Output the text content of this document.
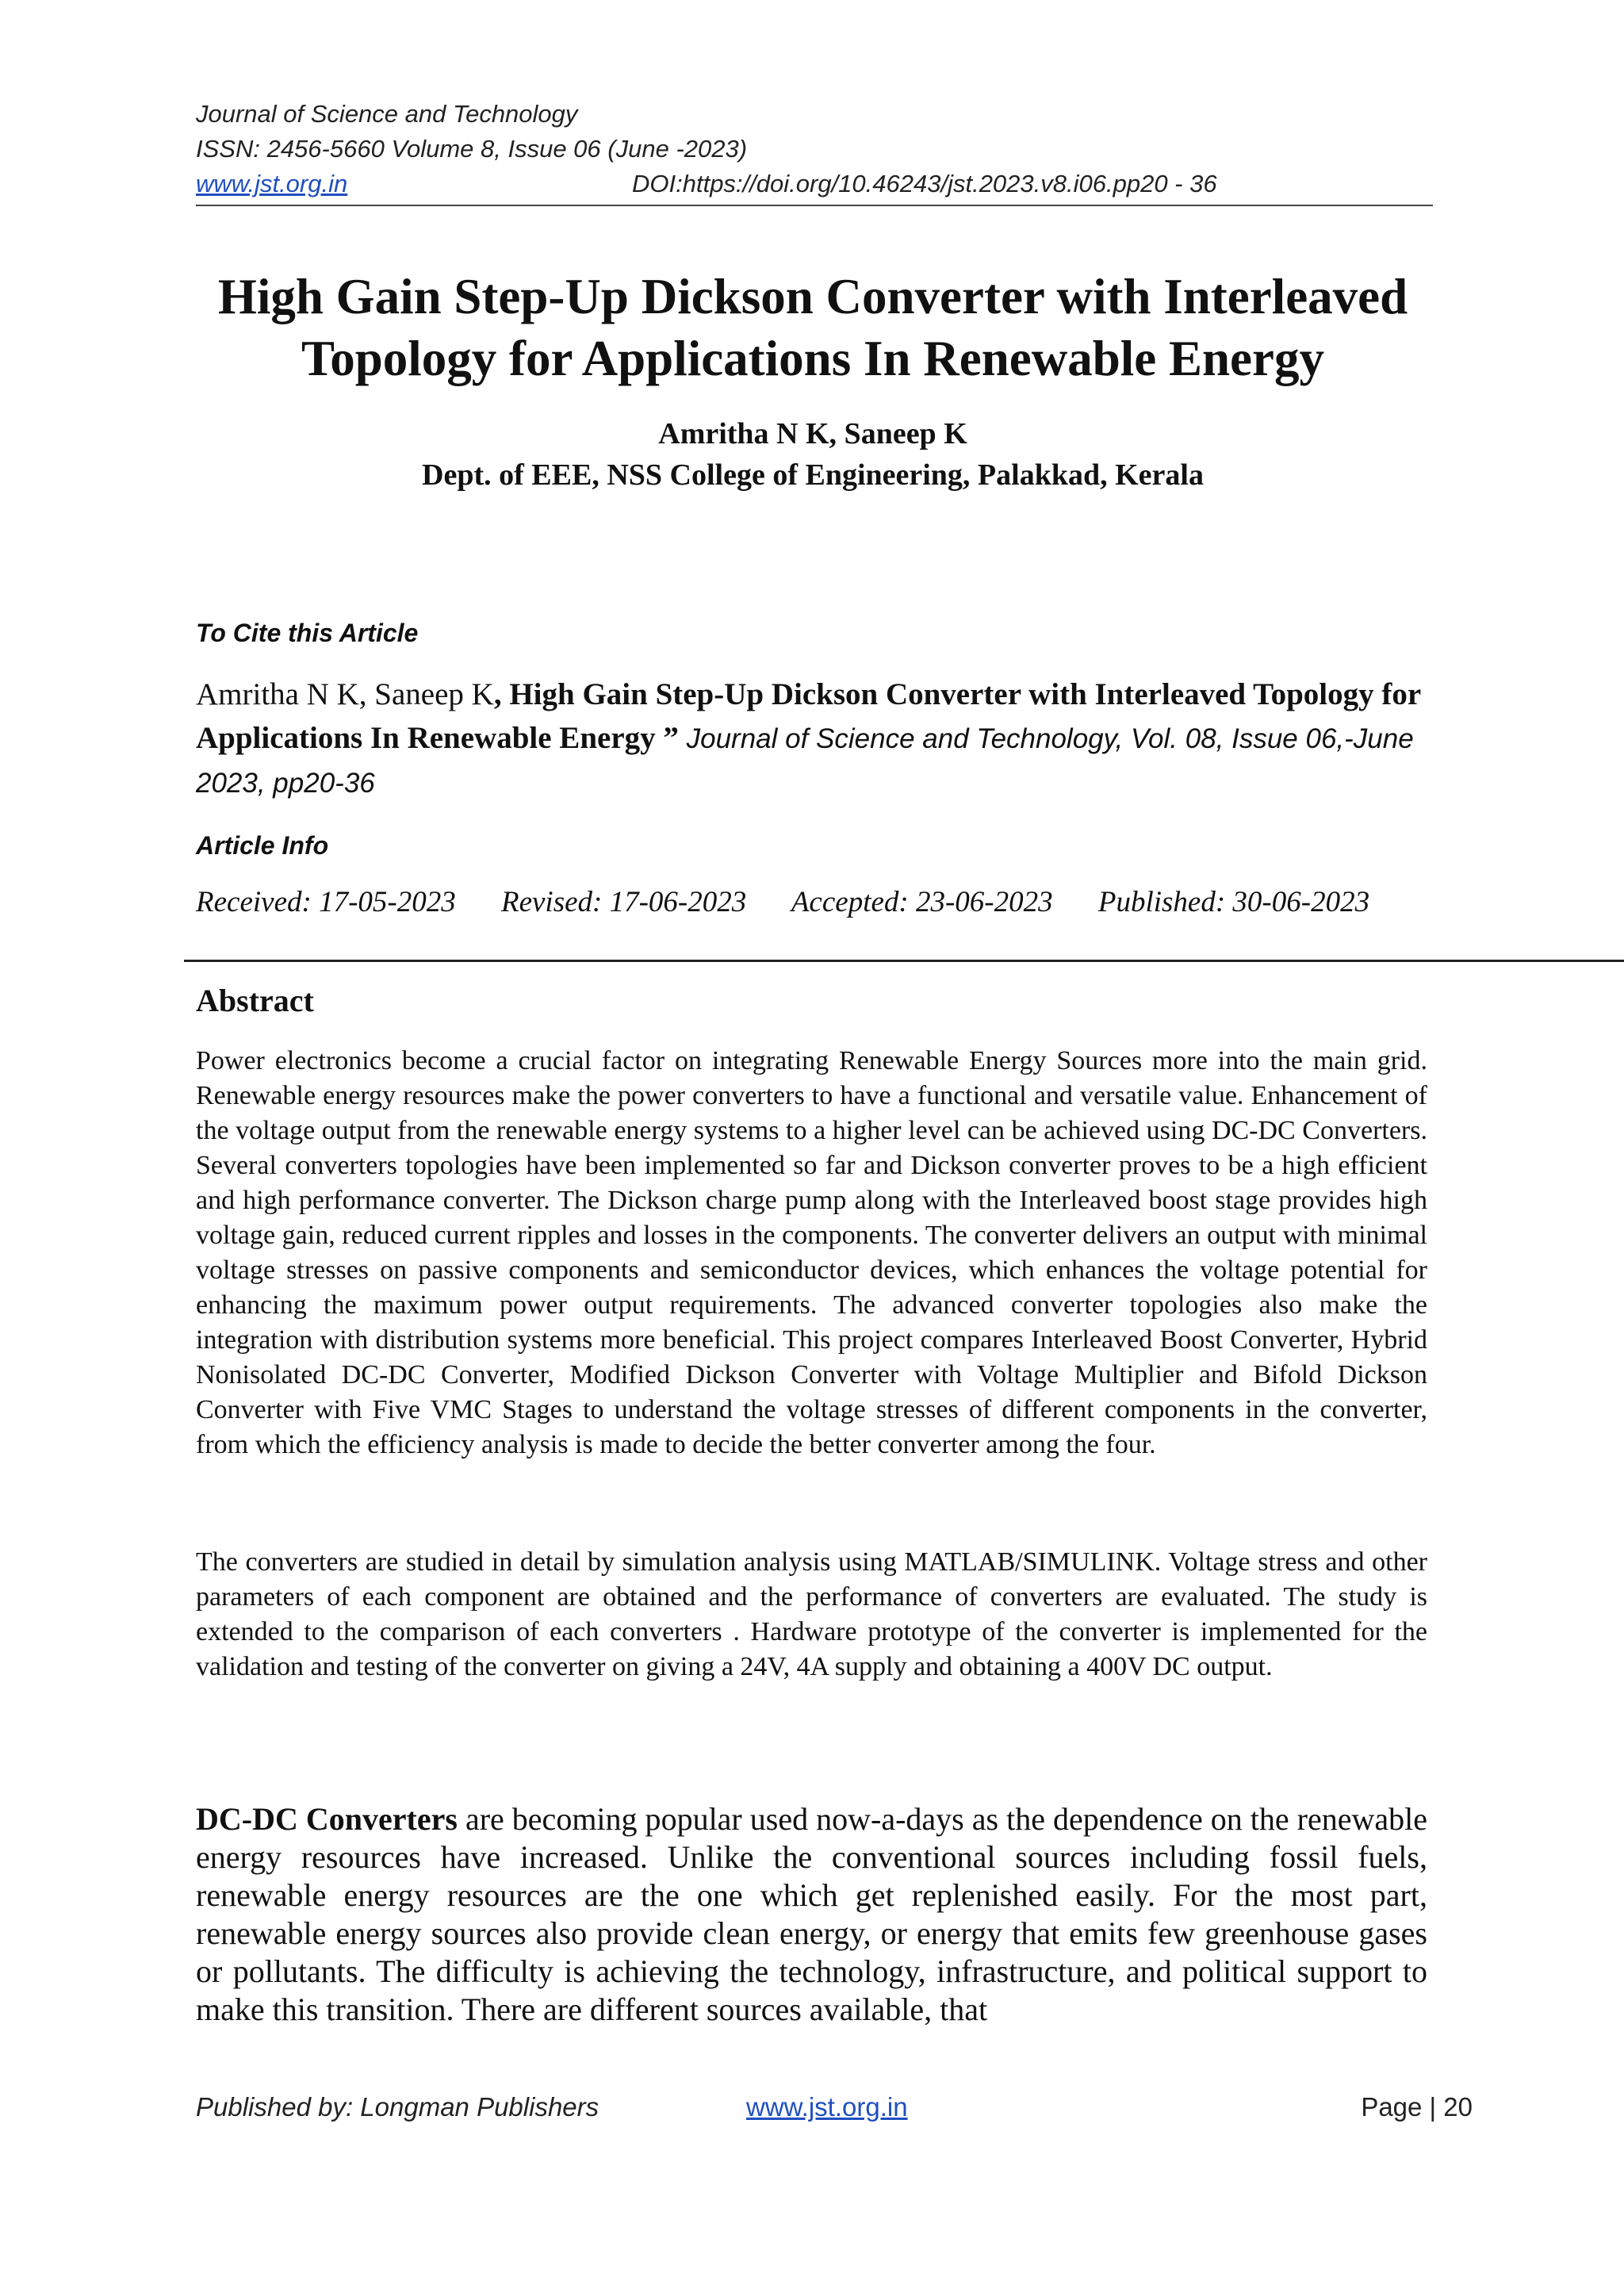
Journal of Science and Technology
ISSN: 2456-5660 Volume 8, Issue 06 (June -2023)
www.jst.org.in	DOI:https://doi.org/10.46243/jst.2023.v8.i06.pp20 - 36
High Gain Step-Up Dickson Converter with Interleaved Topology for Applications In Renewable Energy
Amritha N K, Saneep K
Dept. of EEE, NSS College of Engineering, Palakkad, Kerala
To Cite this Article

Amritha N K, Saneep K, High Gain Step-Up Dickson Converter with Interleaved Topology for Applications In Renewable Energy ” Journal of Science and Technology, Vol. 08, Issue 06,-June 2023, pp20-36

Article Info
Received: 17-05-2023 Revised: 17-06-2023 Accepted: 23-06-2023 Published: 30-06-2023
Abstract

Power electronics become a crucial factor on integrating Renewable Energy Sources more into the main grid. Renewable energy resources make the power converters to have a functional and versatile value. Enhancement of the voltage output from the renewable energy systems to a higher level can be achieved using DC-DC Converters. Several converters topologies have been implemented so far and Dickson converter proves to be a high efficient and high performance converter. The Dickson charge pump along with the Interleaved boost stage provides high voltage gain, reduced current ripples and losses in the components. The converter delivers an output with minimal voltage stresses on passive components and semiconductor devices, which enhances the voltage potential for enhancing the maximum power output requirements. The advanced converter topologies also make the integration with distribution systems more beneficial. This project compares Interleaved Boost Converter, Hybrid Nonisolated DC-DC Converter, Modified Dickson Converter with Voltage Multiplier and Bifold Dickson Converter with Five VMC Stages to understand the voltage stresses of different components in the converter, from which the efficiency analysis is made to decide the better converter among the four.

The converters are studied in detail by simulation analysis using MATLAB/SIMULINK. Voltage stress and other parameters of each component are obtained and the performance of converters are evaluated. The study is extended to the comparison of each converters . Hardware prototype of the converter is implemented for the validation and testing of the converter on giving a 24V, 4A supply and obtaining a 400V DC output.

DC-DC Converters are becoming popular used now-a-days as the dependence on the renewable energy resources have increased. Unlike the conventional sources including fossil fuels, renewable energy resources are the one which get replenished easily. For the most part, renewable energy sources also provide clean energy, or energy that emits few greenhouse gases or pollutants. The difficulty is achieving the technology, infrastructure, and political support to make this transition. There are different sources available, that

Published by: Longman Publishers	www.jst.org.in	Page | 20
